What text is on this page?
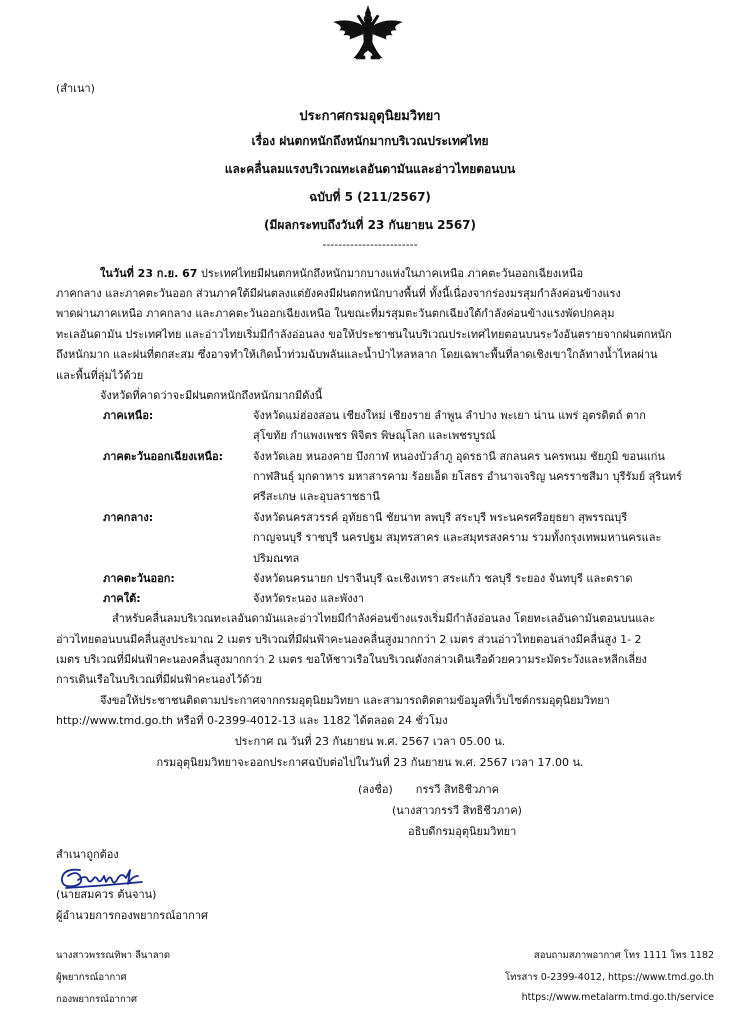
(สำเนา)
ประกาศกรมอุตุนิยมวิทยา
เรื่อง ฝนตกหนักถึงหนักมากบริเวณประเทศไทย
และคลื่นลมแรงบริเวณทะเลอันดามันและอ่าวไทยตอนบน
ฉบับที่ 5 (211/2567)
(มีผลกระทบถึงวันที่ 23 กันยายน 2567)
------------------------
ในวันที่ 23 ก.ย. 67 ประเทศไทยมีฝนตกหนักถึงหนักมากบางแห่งในภาคเหนือ ภาคตะวันออกเฉียงเหนือ
ภาคกลาง และภาคตะวันออก ส่วนภาคใต้มีฝนตลงแต่ยังคงมีฝนตกหนักบางพื้นที่ ทั้งนี้เนื่องจากร่องมรสุมกำลังค่อนข้างแรง
พาดผ่านภาคเหนือ ภาคกลาง และภาคตะวันออกเฉียงเหนือ ในขณะที่มรสุมตะวันตกเฉียงใต้กำลังค่อนข้างแรงพัดปกคลุม
ทะเลอันดามัน ประเทศไทย และอ่าวไทยเริ่มมีกำลังอ่อนลง ขอให้ประชาชนในบริเวณประเทศไทยตอนบนระวังอันตรายจากฝนตกหนัก
ถึงหนักมาก และฝนที่ตกสะสม ซึ่งอาจทำให้เกิดน้ำท่วมฉับพลันและน้ำป่าไหลหลาก โดยเฉพาะพื้นที่ลาดเชิงเขาใกล้ทางน้ำไหลผ่าน
และพื้นที่ลุ่มไว้ด้วย
จังหวัดที่คาดว่าจะมีฝนตกหนักถึงหนักมากมีดังนี้
ภาคเหนือ:	จังหวัดแม่ฮ่องสอน เชียงใหม่ เชียงราย ลำพูน ลำปาง พะเยา น่าน แพร่ อุตรดิตถ์ ตาก
สุโขทัย กำแพงเพชร พิจิตร พิษณุโลก และเพชรบูรณ์
ภาคตะวันออกเฉียงเหนือ:	จังหวัดเลย หนองคาย บึงกาฬ หนองบัวลำภู อุดรธานี สกลนคร นครพนม ชัยภูมิ ขอนแก่น
กาฬสินธุ์ มุกดาหาร มหาสารคาม ร้อยเอ็ด ยโสธร อำนาจเจริญ นครราชสีมา บุรีรัมย์ สุรินทร์
ศรีสะเกษ และอุบลราชธานี
ภาคกลาง:	จังหวัดนครสวรรค์ อุทัยธานี ชัยนาท ลพบุรี สระบุรี พระนครศรีอยุธยา สุพรรณบุรี
กาญจนบุรี ราชบุรี นครปฐม สมุทรสาคร และสมุทรสงคราม รวมทั้งกรุงเทพมหานครและ
ปริมณฑล
ภาคตะวันออก:	จังหวัดนครนายก ปราจีนบุรี ฉะเชิงเทรา สระแก้ว ชลบุรี ระยอง จันทบุรี และตราด
ภาคใต้:	จังหวัดระนอง และพังงา
สำหรับคลื่นลมบริเวณทะเลอันดามันและอ่าวไทยมีกำลังค่อนข้างแรงเริ่มมีกำลังอ่อนลง โดยทะเลอันดามันตอนบนและ
อ่าวไทยตอนบนมีคลื่นสูงประมาณ 2 เมตร บริเวณที่มีฝนฟ้าคะนองคลื่นสูงมากกว่า 2 เมตร ส่วนอ่าวไทยตอนล่างมีคลื่นสูง 1- 2
เมตร บริเวณที่มีฝนฟ้าคะนองคลื่นสูงมากกว่า 2 เมตร ขอให้ชาวเรือในบริเวณดังกล่าวเดินเรือด้วยความระมัดระวังและหลีกเลี่ยง
การเดินเรือในบริเวณที่มีฝนฟ้าคะนองไว้ด้วย
จึงขอให้ประชาชนติดตามประกาศจากกรมอุตุนิยมวิทยา และสามารถติดตามข้อมูลที่เว็บไซต์กรมอุตุนิยมวิทยา
http://www.tmd.go.th หรือที่ 0-2399-4012-13 และ 1182 ได้ตลอด 24 ชั่วโมง
ประกาศ ณ วันที่ 23 กันยายน พ.ศ. 2567 เวลา 05.00 น.
กรมอุตุนิยมวิทยาจะออกประกาศฉบับต่อไปในวันที่ 23 กันยายน พ.ศ. 2567 เวลา 17.00 น.
(ลงชื่อ) กรรวี สิทธิชีวภาค
(นางสาวกรรวี สิทธิชีวภาค)
อธิบดีกรมอุตุนิยมวิทยา
สำเนาถูกต้อง
(นายสมควร ต้นจาน)
ผู้อำนวยการกองพยากรณ์อากาศ
นางสาวพรรณทิพา ลีนาลาด
ผู้พยากรณ์อากาศ
กองพยากรณ์อากาศ
สอบถามสภาพอากาศ โทร 1111 โทร 1182
โทรสาร 0-2399-4012, https://www.tmd.go.th
https://www.metalarm.tmd.go.th/service
